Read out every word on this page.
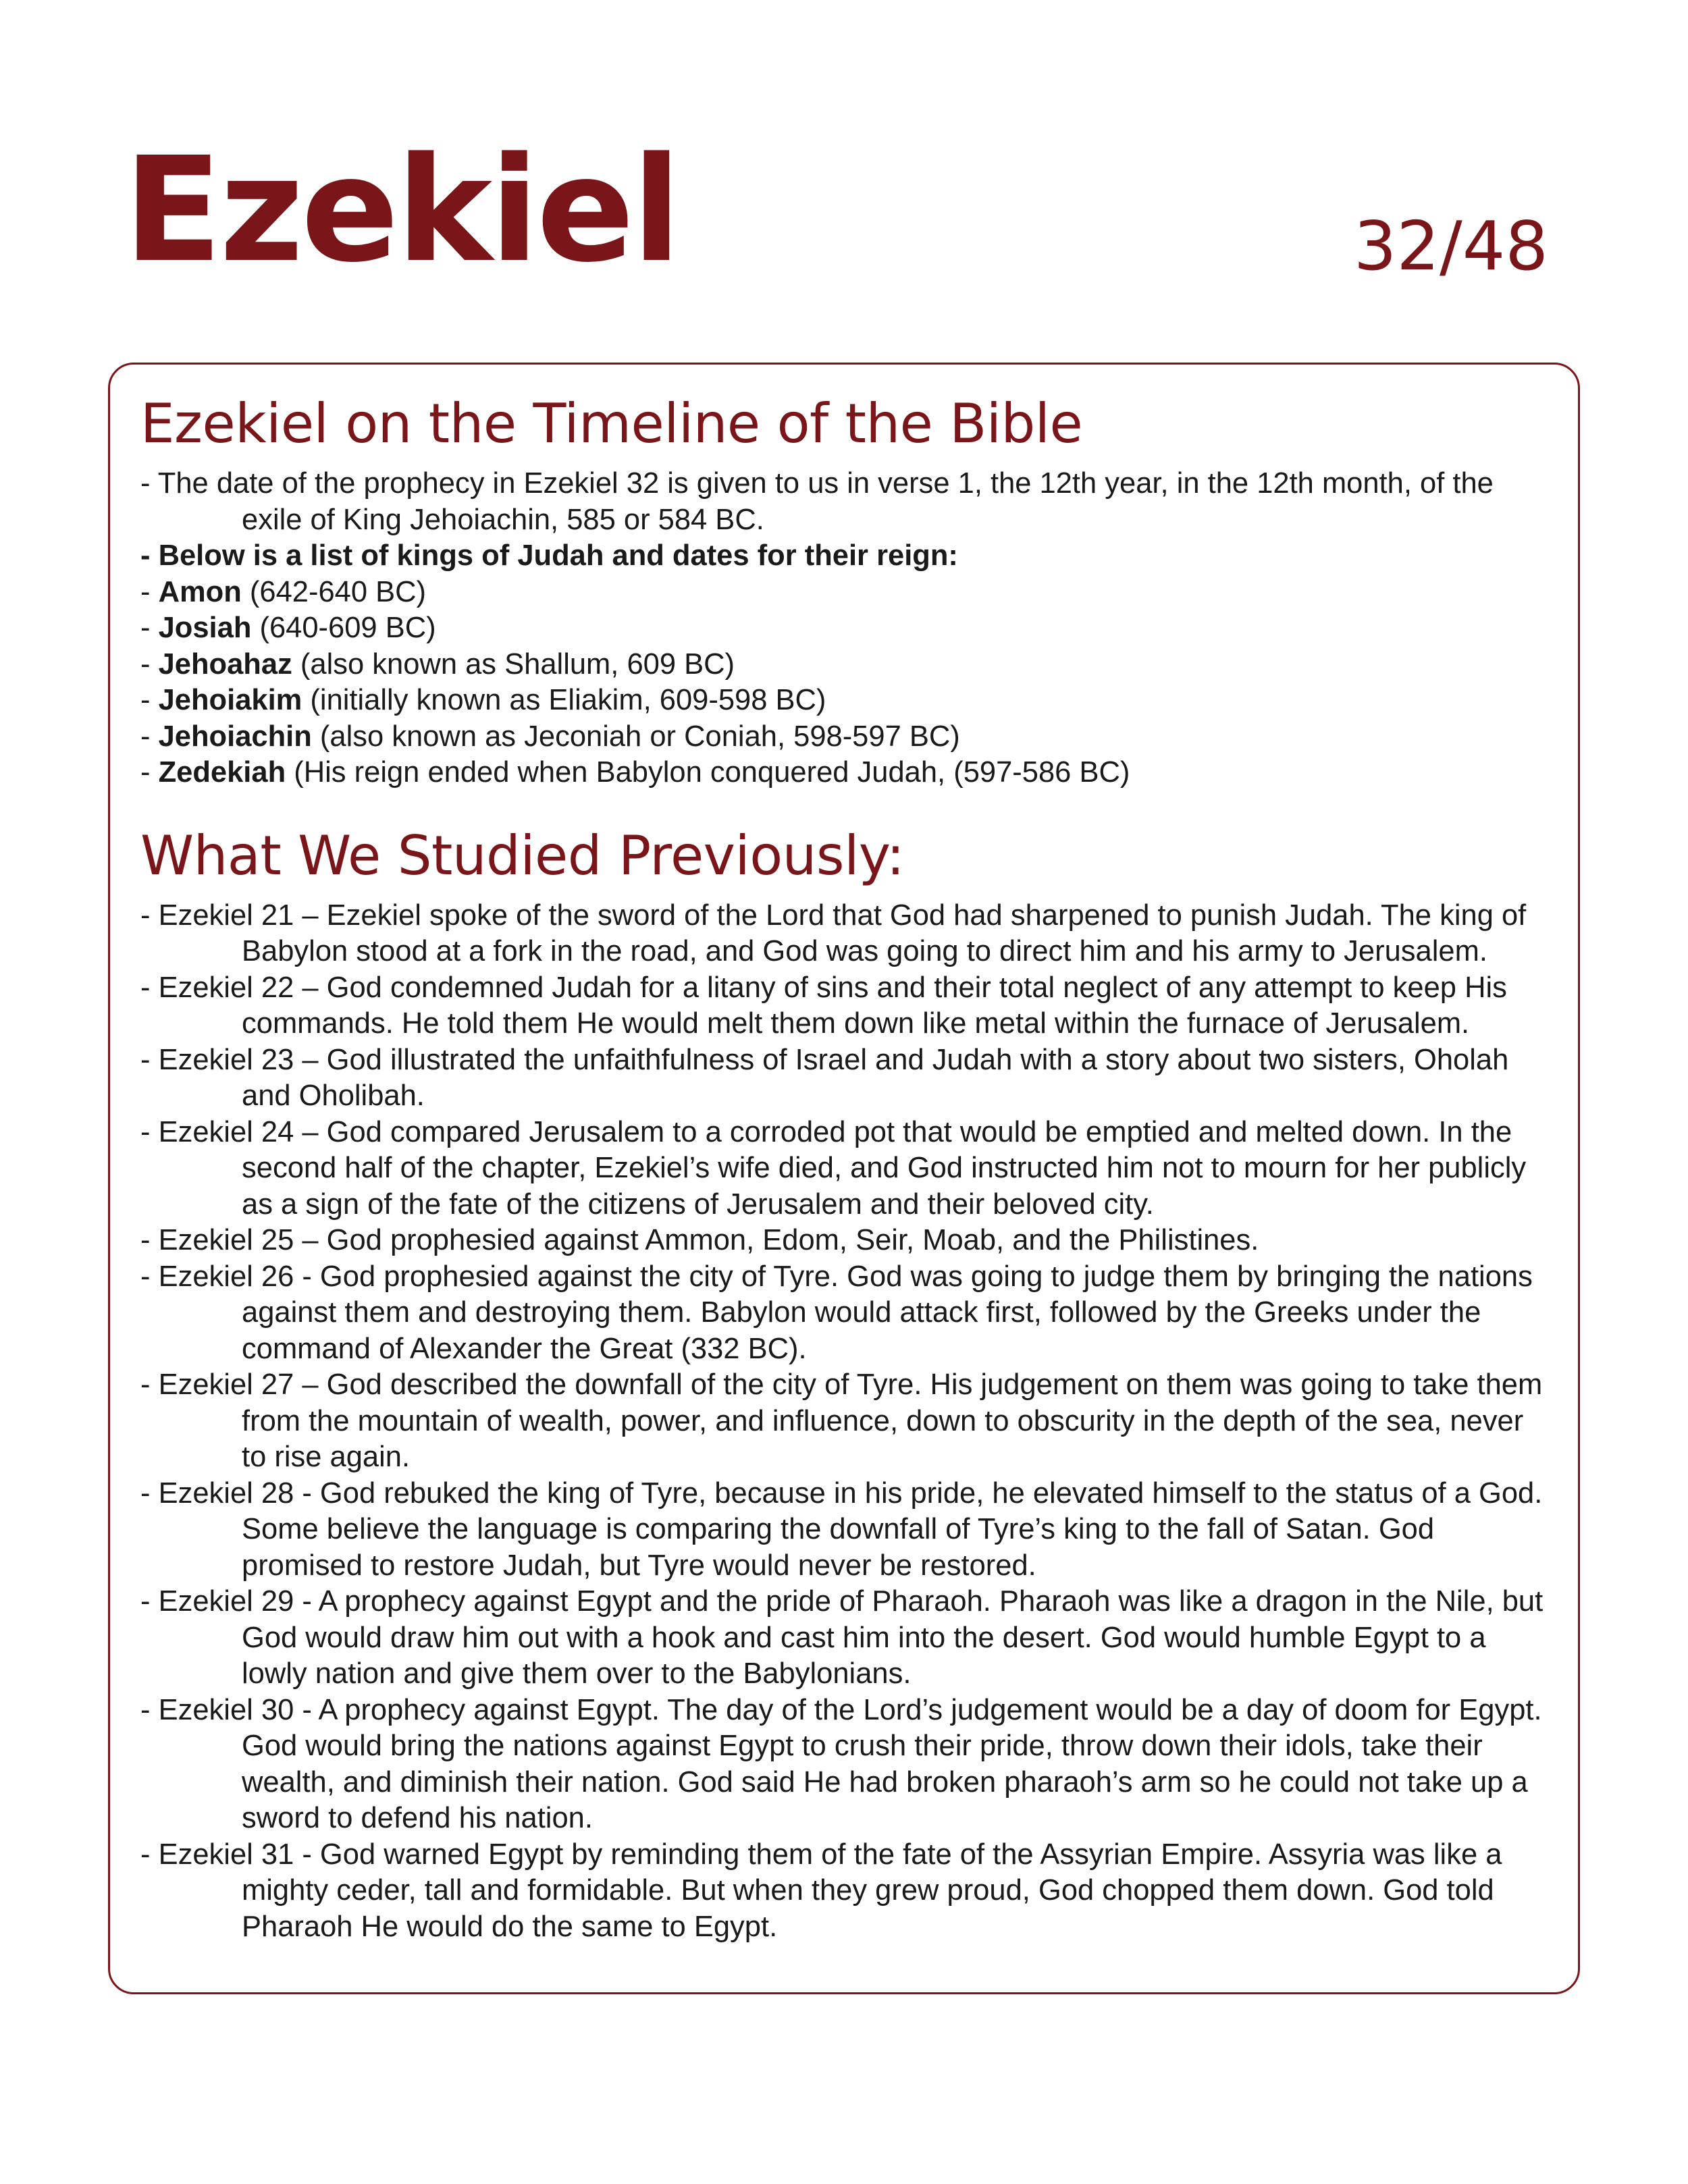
Ezekiel	32/48
Ezekiel on the Timeline of the Bible
- The date of the prophecy in Ezekiel 32 is given to us in verse 1, the 12th year, in the 12th month, of the exile of King Jehoiachin, 585 or 584 BC.
- Below is a list of kings of Judah and dates for their reign:
- Amon (642-640 BC)
- Josiah (640-609 BC)
- Jehoahaz (also known as Shallum, 609 BC)
- Jehoiakim (initially known as Eliakim, 609-598 BC)
- Jehoiachin (also known as Jeconiah or Coniah, 598-597 BC)
- Zedekiah (His reign ended when Babylon conquered Judah, (597-586 BC)
What We Studied Previously:
- Ezekiel 21 – Ezekiel spoke of the sword of the Lord that God had sharpened to punish Judah. The king of Babylon stood at a fork in the road, and God was going to direct him and his army to Jerusalem.
- Ezekiel 22 – God condemned Judah for a litany of sins and their total neglect of any attempt to keep His commands. He told them He would melt them down like metal within the furnace of Jerusalem.
- Ezekiel 23 – God illustrated the unfaithfulness of Israel and Judah with a story about two sisters, Oholah and Oholibah.
- Ezekiel 24 – God compared Jerusalem to a corroded pot that would be emptied and melted down. In the second half of the chapter, Ezekiel’s wife died, and God instructed him not to mourn for her publicly as a sign of the fate of the citizens of Jerusalem and their beloved city.
- Ezekiel 25 – God prophesied against Ammon, Edom, Seir, Moab, and the Philistines.
- Ezekiel 26 - God prophesied against the city of Tyre. God was going to judge them by bringing the nations against them and destroying them. Babylon would attack first, followed by the Greeks under the command of Alexander the Great (332 BC).
- Ezekiel 27 – God described the downfall of the city of Tyre. His judgement on them was going to take them from the mountain of wealth, power, and influence, down to obscurity in the depth of the sea, never to rise again.
- Ezekiel 28 - God rebuked the king of Tyre, because in his pride, he elevated himself to the status of a God. Some believe the language is comparing the downfall of Tyre’s king to the fall of Satan. God promised to restore Judah, but Tyre would never be restored.
- Ezekiel 29 - A prophecy against Egypt and the pride of Pharaoh. Pharaoh was like a dragon in the Nile, but God would draw him out with a hook and cast him into the desert. God would humble Egypt to a lowly nation and give them over to the Babylonians.
- Ezekiel 30 - A prophecy against Egypt. The day of the Lord’s judgement would be a day of doom for Egypt. God would bring the nations against Egypt to crush their pride, throw down their idols, take their wealth, and diminish their nation. God said He had broken pharaoh’s arm so he could not take up a sword to defend his nation.
- Ezekiel 31 - God warned Egypt by reminding them of the fate of the Assyrian Empire. Assyria was like a mighty ceder, tall and formidable. But when they grew proud, God chopped them down. God told Pharaoh He would do the same to Egypt.
